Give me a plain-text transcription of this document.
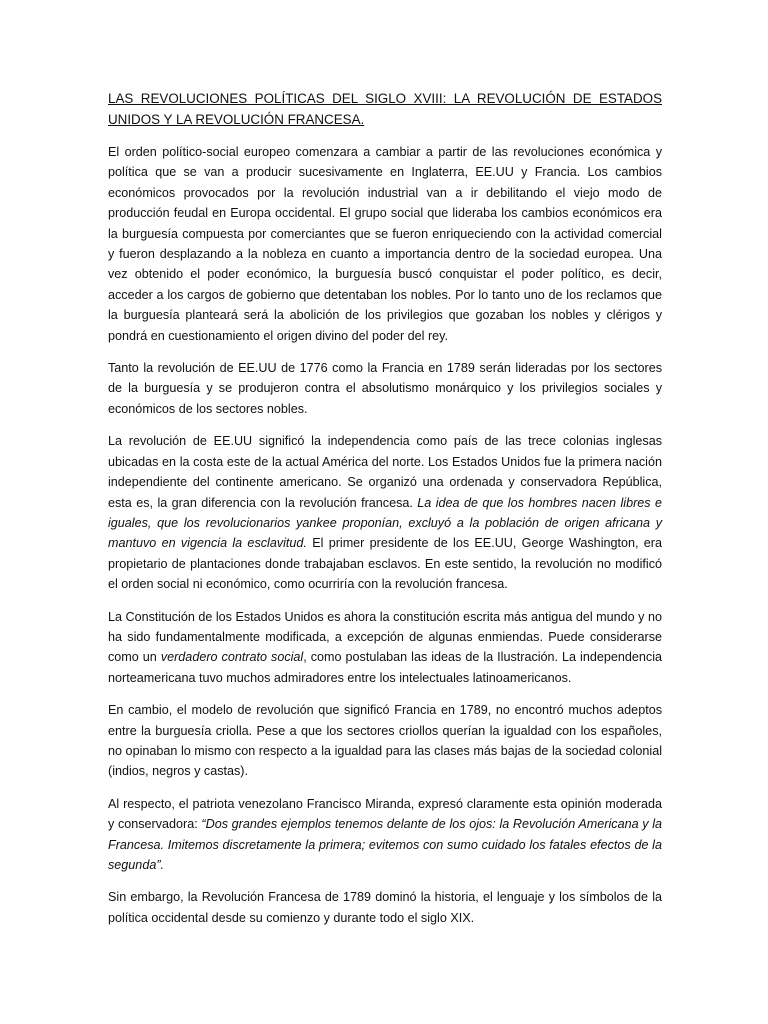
LAS REVOLUCIONES POLÍTICAS DEL SIGLO XVIII: LA REVOLUCIÓN DE ESTADOS UNIDOS Y LA REVOLUCIÓN FRANCESA.

El orden político-social europeo comenzara a cambiar a partir de las revoluciones económica y política que se van a producir sucesivamente en Inglaterra, EE.UU y Francia. Los cambios económicos provocados por la revolución industrial van a ir debilitando el viejo modo de producción feudal en Europa occidental. El grupo social que lideraba los cambios económicos era la burguesía compuesta por comerciantes que se fueron enriqueciendo con la actividad comercial y fueron desplazando a la nobleza en cuanto a importancia dentro de la sociedad europea. Una vez obtenido el poder económico, la burguesía buscó conquistar el poder político, es decir, acceder a los cargos de gobierno que detentaban los nobles. Por lo tanto uno de los reclamos que la burguesía planteará será la abolición de los privilegios que gozaban los nobles y clérigos y pondrá en cuestionamiento el origen divino del poder del rey.

Tanto la revolución de EE.UU de 1776 como la Francia en 1789 serán lideradas por los sectores de la burguesía y se produjeron contra el absolutismo monárquico y los privilegios sociales y económicos de los sectores nobles.

La revolución de EE.UU significó la independencia como país de las trece colonias inglesas ubicadas en la costa este de la actual América del norte. Los Estados Unidos fue la primera nación independiente del continente americano. Se organizó una ordenada y conservadora República, esta es, la gran diferencia con la revolución francesa. La idea de que los hombres nacen libres e iguales, que los revolucionarios yankee proponían, excluyó a la población de origen africana y mantuvo en vigencia la esclavitud. El primer presidente de los EE.UU, George Washington, era propietario de plantaciones donde trabajaban esclavos. En este sentido, la revolución no modificó el orden social ni económico, como ocurriría con la revolución francesa.

La Constitución de los Estados Unidos es ahora la constitución escrita más antigua del mundo y no ha sido fundamentalmente modificada, a excepción de algunas enmiendas. Puede considerarse como un verdadero contrato social, como postulaban las ideas de la Ilustración. La independencia norteamericana tuvo muchos admiradores entre los intelectuales latinoamericanos.

En cambio, el modelo de revolución que significó Francia en 1789, no encontró muchos adeptos entre la burguesía criolla. Pese a que los sectores criollos querían la igualdad con los españoles, no opinaban lo mismo con respecto a la igualdad para las clases más bajas de la sociedad colonial (indios, negros y castas).

Al respecto, el patriota venezolano Francisco Miranda, expresó claramente esta opinión moderada y conservadora: “Dos grandes ejemplos tenemos delante de los ojos: la Revolución Americana y la Francesa. Imitemos discretamente la primera; evitemos con sumo cuidado los fatales efectos de la segunda”.

Sin embargo, la Revolución Francesa de 1789 dominó la historia, el lenguaje y los símbolos de la política occidental desde su comienzo y durante todo el siglo XIX.
